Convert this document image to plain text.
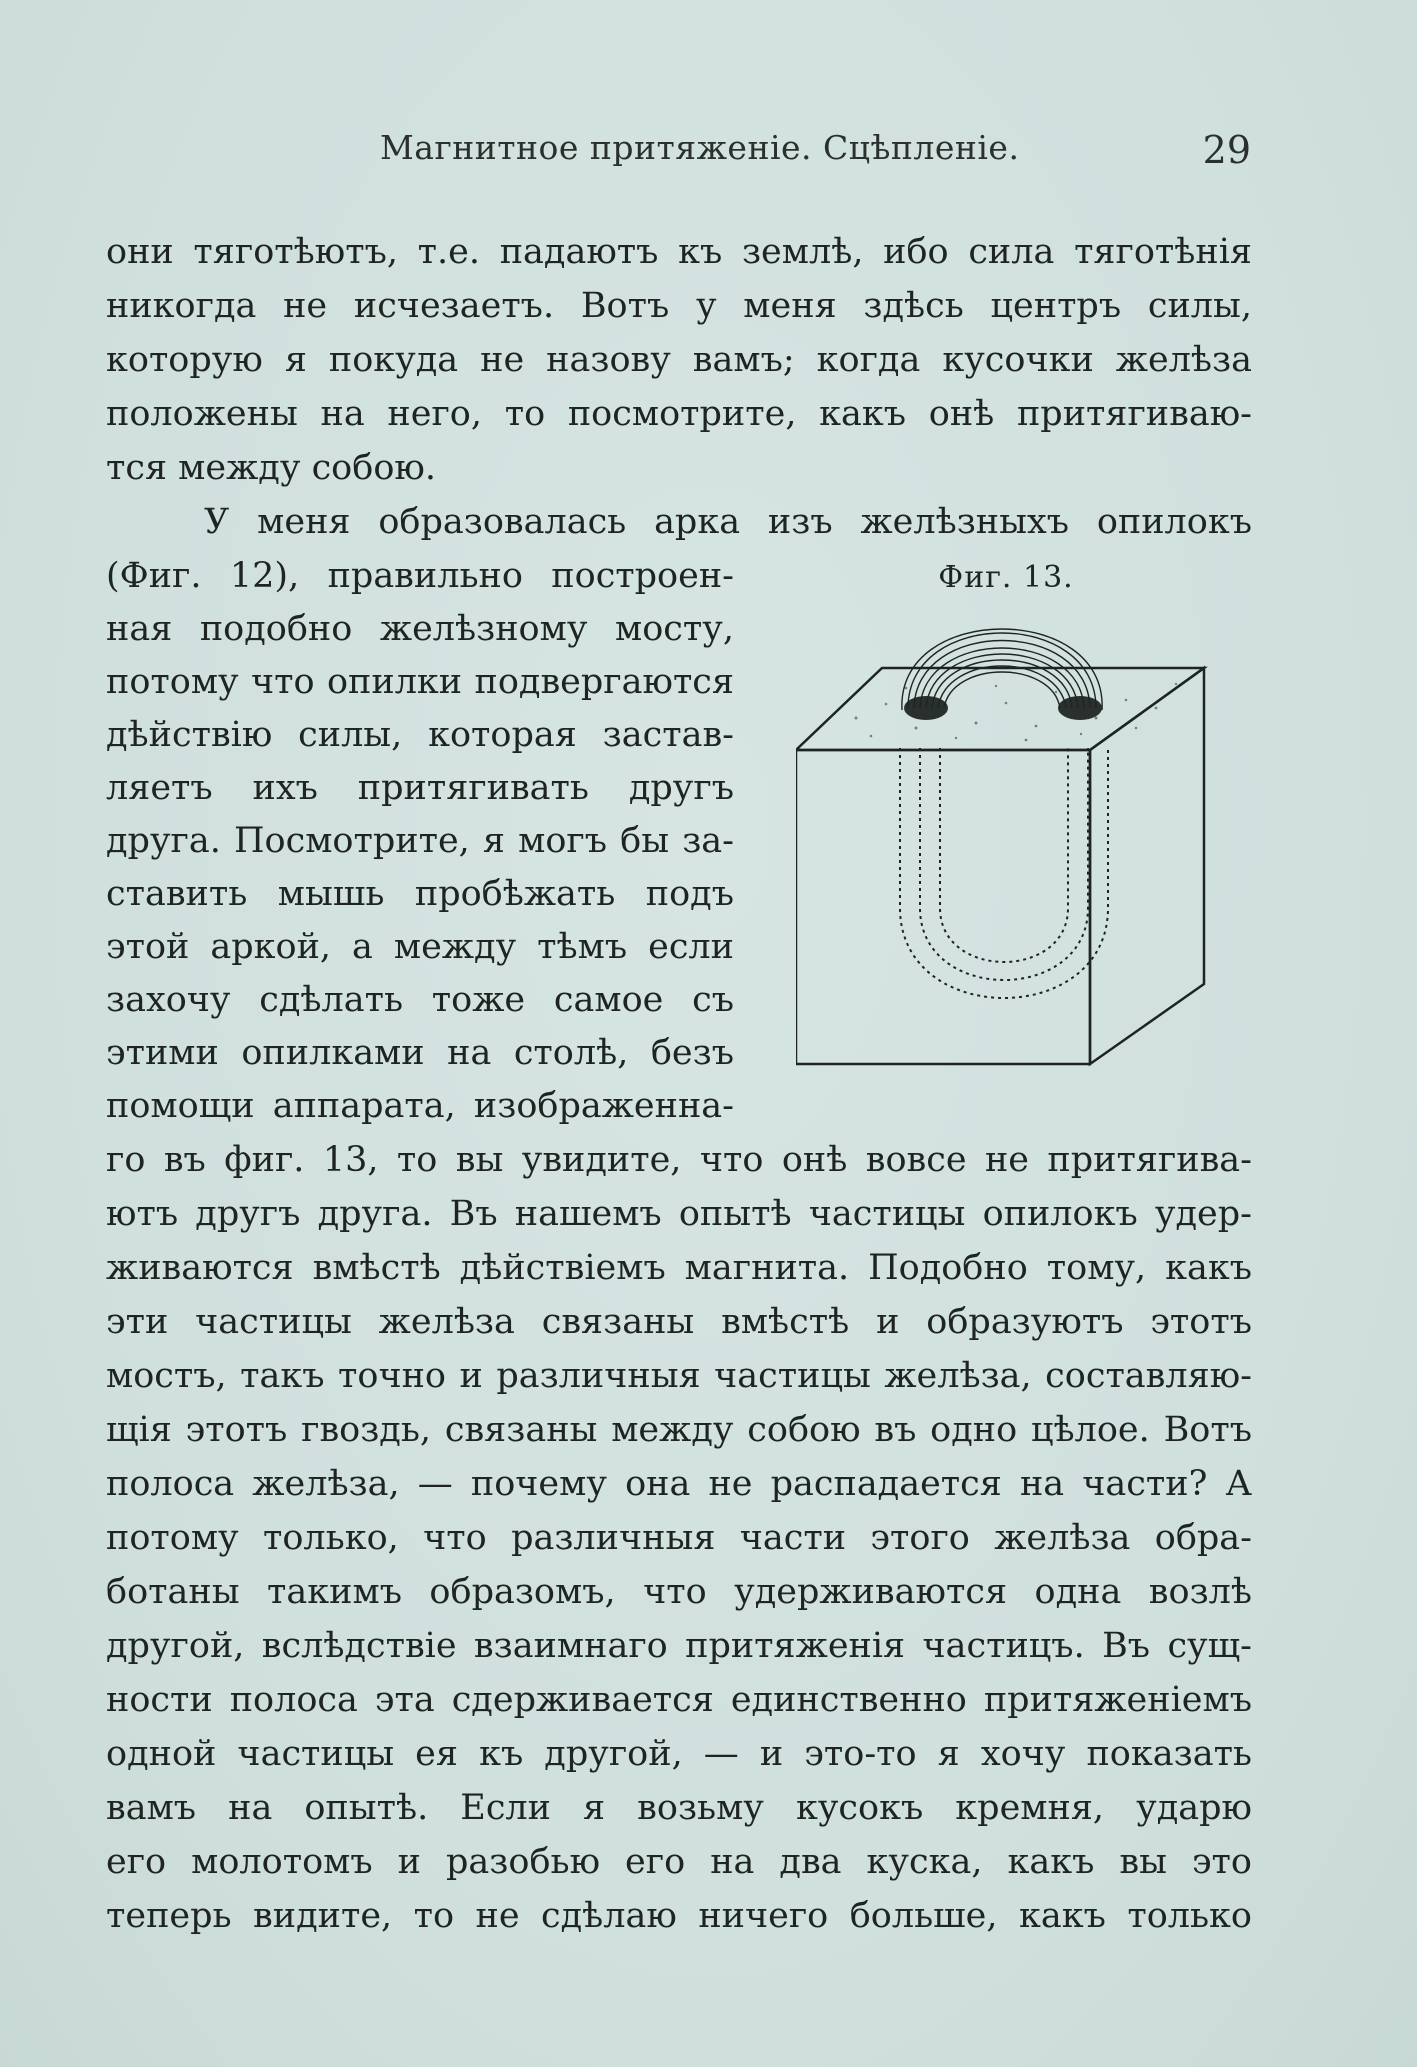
Магнитное притяженіе. Сцѣпленіе.	29
они тяготѣютъ, т.е. падаютъ къ землѣ, ибо сила тяготѣнія
никогда не исчезаетъ. Вотъ у меня здѣсь центръ силы,
которую я покуда не назову вамъ; когда кусочки желѣза
положены на него, то посмотрите, какъ онѣ притягиваю-
тся между собою.
У меня образовалась арка изъ желѣзныхъ опилокъ
(Фиг. 12), правильно построен-
ная подобно желѣзному мосту,
потому что опилки подвергаются
дѣйствію силы, которая застав-
ляетъ ихъ притягивать другъ
друга. Посмотрите, я могъ бы за-
ставить мышь пробѣжать подъ
этой аркой, а между тѣмъ если
захочу сдѣлать тоже самое съ
этими опилками на столѣ, безъ
помощи аппарата, изображенна-
го въ фиг. 13, то вы увидите, что онѣ вовсе не притягива-
ютъ другъ друга. Въ нашемъ опытѣ частицы опилокъ удер-
живаются вмѣстѣ дѣйствіемъ магнита. Подобно тому, какъ
эти частицы желѣза связаны вмѣстѣ и образуютъ этотъ
мостъ, такъ точно и различныя частицы желѣза, составляю-
щія этотъ гвоздь, связаны между собою въ одно цѣлое. Вотъ
полоса желѣза, — почему она не распадается на части? А
потому только, что различныя части этого желѣза обра-
ботаны такимъ образомъ, что удерживаются одна возлѣ
другой, вслѣдствіе взаимнаго притяженія частицъ. Въ сущ-
ности полоса эта сдерживается единственно притяженіемъ
одной частицы ея къ другой, — и это-то я хочу показать
вамъ на опытѣ. Если я возьму кусокъ кремня, ударю
его молотомъ и разобью его на два куска, какъ вы это
теперь видите, то не сдѣлаю ничего больше, какъ только
Фиг. 13.
